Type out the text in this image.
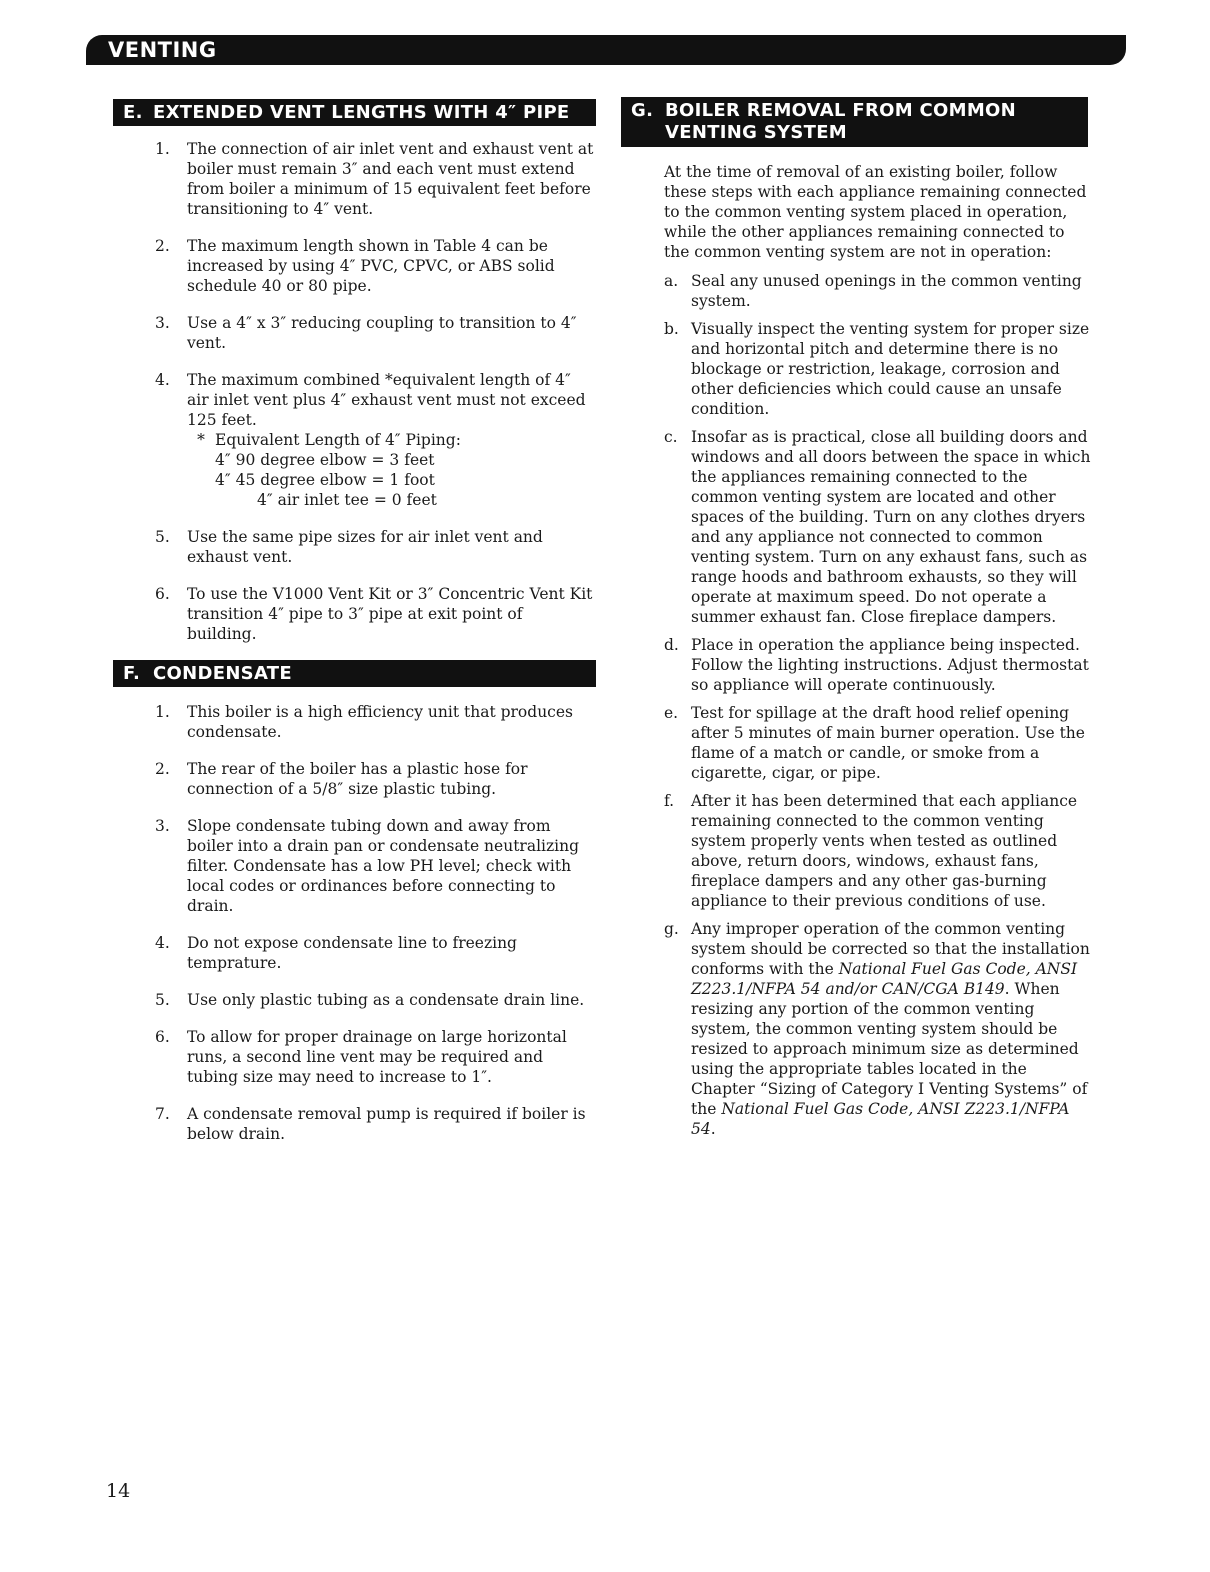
VENTING
E. EXTENDED VENT LENGTHS WITH 4″ PIPE
1. The connection of air inlet vent and exhaust vent at boiler must remain 3″ and each vent must extend from boiler a minimum of 15 equivalent feet before transitioning to 4″ vent.
2. The maximum length shown in Table 4 can be increased by using 4″ PVC, CPVC, or ABS solid schedule 40 or 80 pipe.
3. Use a 4″ x 3″ reducing coupling to transition to 4″ vent.
4. The maximum combined *equivalent length of 4″ air inlet vent plus 4″ exhaust vent must not exceed 125 feet.
* Equivalent Length of 4″ Piping:
4″ 90 degree elbow = 3 feet
4″ 45 degree elbow = 1 foot
4″ air inlet tee = 0 feet
5. Use the same pipe sizes for air inlet vent and exhaust vent.
6. To use the V1000 Vent Kit or 3″ Concentric Vent Kit transition 4″ pipe to 3″ pipe at exit point of building.
F. CONDENSATE
1. This boiler is a high efficiency unit that produces condensate.
2. The rear of the boiler has a plastic hose for connection of a 5/8″ size plastic tubing.
3. Slope condensate tubing down and away from boiler into a drain pan or condensate neutralizing filter. Condensate has a low PH level; check with local codes or ordinances before connecting to drain.
4. Do not expose condensate line to freezing temprature.
5. Use only plastic tubing as a condensate drain line.
6. To allow for proper drainage on large horizontal runs, a second line vent may be required and tubing size may need to increase to 1″.
7. A condensate removal pump is required if boiler is below drain.
G. BOILER REMOVAL FROM COMMON
VENTING SYSTEM

At the time of removal of an existing boiler, follow these steps with each appliance remaining connected to the common venting system placed in operation, while the other appliances remaining connected to the common venting system are not in operation:

a. Seal any unused openings in the common venting system.
b. Visually inspect the venting system for proper size and horizontal pitch and determine there is no blockage or restriction, leakage, corrosion and other deficiencies which could cause an unsafe condition.
c. Insofar as is practical, close all building doors and windows and all doors between the space in which the appliances remaining connected to the common venting system are located and other spaces of the building. Turn on any clothes dryers and any appliance not connected to common venting system. Turn on any exhaust fans, such as range hoods and bathroom exhausts, so they will operate at maximum speed. Do not operate a summer exhaust fan. Close fireplace dampers.
d. Place in operation the appliance being inspected. Follow the lighting instructions. Adjust thermostat so appliance will operate continuously.
e. Test for spillage at the draft hood relief opening after 5 minutes of main burner operation. Use the flame of a match or candle, or smoke from a cigarette, cigar, or pipe.
f. After it has been determined that each appliance remaining connected to the common venting system properly vents when tested as outlined above, return doors, windows, exhaust fans, fireplace dampers and any other gas-burning appliance to their previous conditions of use.
g. Any improper operation of the common venting system should be corrected so that the installation conforms with the National Fuel Gas Code, ANSI Z223.1/NFPA 54 and/or CAN/CGA B149. When resizing any portion of the common venting system, the common venting system should be resized to approach minimum size as determined using the appropriate tables located in the Chapter “Sizing of Category I Venting Systems” of the National Fuel Gas Code, ANSI Z223.1/NFPA 54.
14
